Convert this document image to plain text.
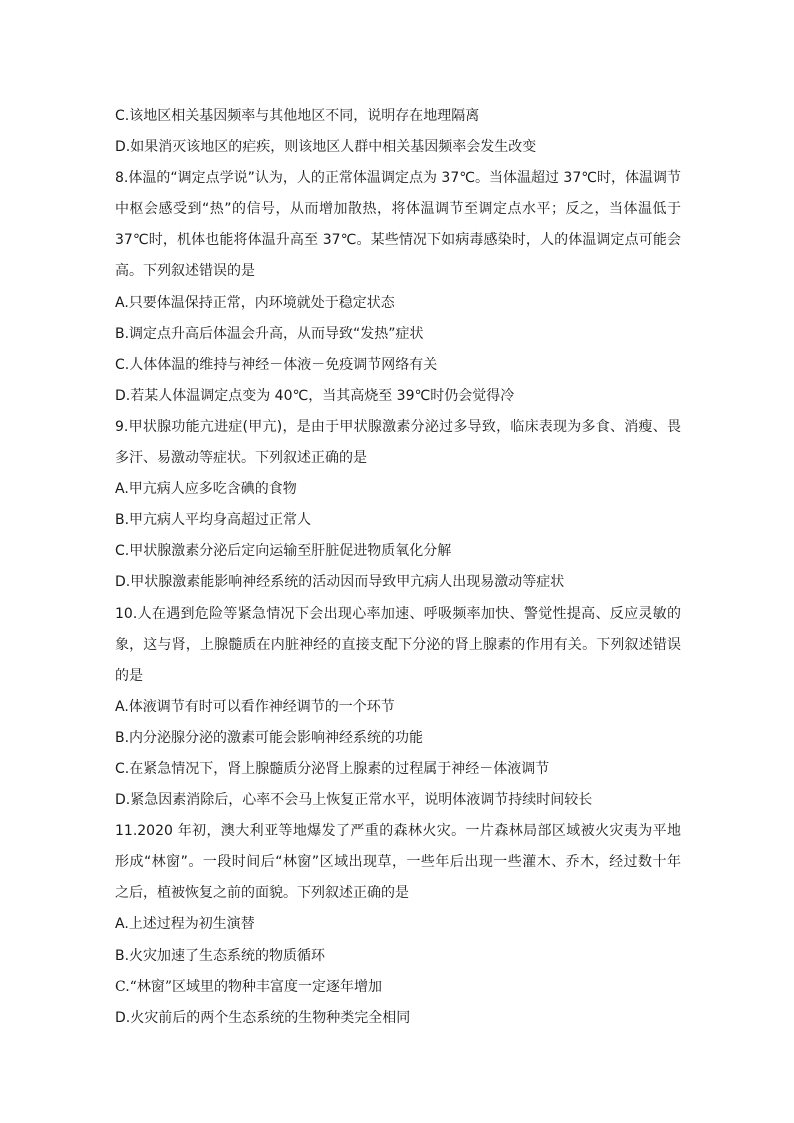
C.该地区相关基因频率与其他地区不同，说明存在地理隔离
D.如果消灭该地区的疟疾，则该地区人群中相关基因频率会发生改变
8.体温的“调定点学说”认为，人的正常体温调定点为 37℃。当体温超过 37℃时，体温调节
中枢会感受到“热”的信号，从而增加散热，将体温调节至调定点水平；反之，当体温低于
37℃时，机体也能将体温升高至 37℃。某些情况下如病毒感染时，人的体温调定点可能会
高。下列叙述错误的是
A.只要体温保持正常，内环境就处于稳定状态
B.调定点升高后体温会升高，从而导致“发热”症状
C.人体体温的维持与神经－体液－免疫调节网络有关
D.若某人体温调定点变为 40℃，当其高烧至 39℃时仍会觉得冷
9.甲状腺功能亢进症(甲亢)，是由于甲状腺激素分泌过多导致，临床表现为多食、消瘦、畏
多汗、易激动等症状。下列叙述正确的是
A.甲亢病人应多吃含碘的食物
B.甲亢病人平均身高超过正常人
C.甲状腺激素分泌后定向运输至肝脏促进物质氧化分解
D.甲状腺激素能影响神经系统的活动因而导致甲亢病人出现易激动等症状
10.人在遇到危险等紧急情况下会出现心率加速、呼吸频率加快、警觉性提高、反应灵敏的
象，这与肾，上腺髓质在内脏神经的直接支配下分泌的肾上腺素的作用有关。下列叙述错误
的是
A.体液调节有时可以看作神经调节的一个环节
B.内分泌腺分泌的激素可能会影响神经系统的功能
C.在紧急情况下，肾上腺髓质分泌肾上腺素的过程属于神经－体液调节
D.紧急因素消除后，心率不会马上恢复正常水平，说明体液调节持续时间较长
11.2020 年初，澳大利亚等地爆发了严重的森林火灾。一片森林局部区域被火灾夷为平地
形成“林窗”。一段时间后“林窗”区域出现草，一些年后出现一些灌木、乔木，经过数十年
之后，植被恢复之前的面貌。下列叙述正确的是
A.上述过程为初生演替
B.火灾加速了生态系统的物质循环
C.“林窗”区域里的物种丰富度一定逐年增加
D.火灾前后的两个生态系统的生物种类完全相同
